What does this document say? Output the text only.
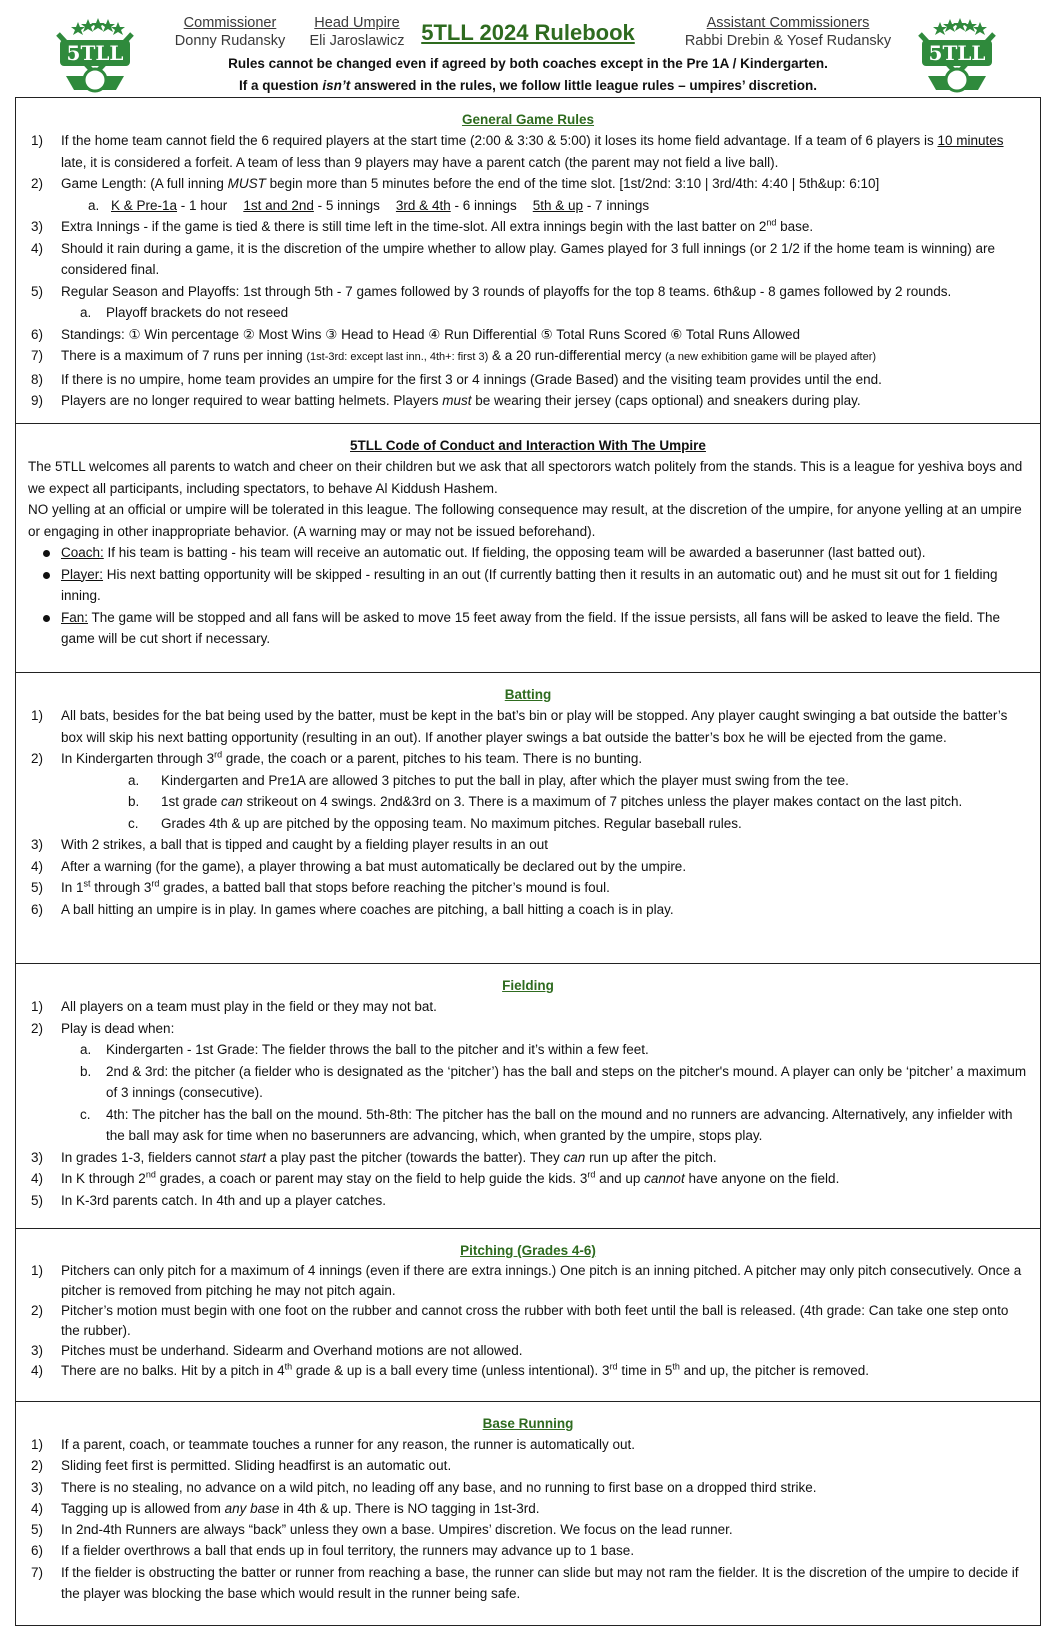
5TLL
Commissioner
Donny Rudansky
Head Umpire
Eli Jaroslawicz 5TLL 2024 Rulebook	Assistant Commissioners
Rabbi Drebin & Yosef Rudansky	5TLL
Rules cannot be changed even if agreed by both coaches except in the Pre 1A / Kindergarten.
If a question isn’t answered in the rules, we follow little league rules – umpires’ discretion.
General Game Rules
1) If the home team cannot field the 6 required players at the start time (2:00 & 3:30 & 5:00) it loses its home field advantage. If a team of 6 players is 10 minutes late, it is considered a forfeit. A team of less than 9 players may have a parent catch (the parent may not field a live ball).
2) Game Length: (A full inning MUST begin more than 5 minutes before the end of the time slot. [1st/2nd: 3:10 | 3rd/4th: 4:40 | 5th&up: 6:10]
a. K & Pre-1a - 1 hour 1st and 2nd - 5 innings 3rd & 4th - 6 innings 5th & up - 7 innings
3) Extra Innings - if the game is tied & there is still time left in the time-slot. All extra innings begin with the last batter on 2nd base.
4) Should it rain during a game, it is the discretion of the umpire whether to allow play. Games played for 3 full innings (or 2 1/2 if the home team is winning) are considered final.
5) Regular Season and Playoffs: 1st through 5th - 7 games followed by 3 rounds of playoffs for the top 8 teams. 6th&up - 8 games followed by 2 rounds.
a. Playoff brackets do not reseed
6) Standings: ① Win percentage ② Most Wins ③ Head to Head ④ Run Differential ⑤ Total Runs Scored ⑥ Total Runs Allowed
7) There is a maximum of 7 runs per inning (1st-3rd: except last inn., 4th+: first 3) & a 20 run-differential mercy (a new exhibition game will be played after)
8) If there is no umpire, home team provides an umpire for the first 3 or 4 innings (Grade Based) and the visiting team provides until the end.
9) Players are no longer required to wear batting helmets. Players must be wearing their jersey (caps optional) and sneakers during play.
5TLL Code of Conduct and Interaction With The Umpire
The 5TLL welcomes all parents to watch and cheer on their children but we ask that all spectorors watch politely from the stands. This is a league for yeshiva boys and we expect all participants, including spectators, to behave Al Kiddush Hashem.
NO yelling at an official or umpire will be tolerated in this league. The following consequence may result, at the discretion of the umpire, for anyone yelling at an umpire or engaging in other inappropriate behavior. (A warning may or may not be issued beforehand).
Coach: If his team is batting - his team will receive an automatic out. If fielding, the opposing team will be awarded a baserunner (last batted out).
Player: His next batting opportunity will be skipped - resulting in an out (If currently batting then it results in an automatic out) and he must sit out for 1 fielding inning.
Fan: The game will be stopped and all fans will be asked to move 15 feet away from the field. If the issue persists, all fans will be asked to leave the field. The game will be cut short if necessary.
Batting
1) All bats, besides for the bat being used by the batter, must be kept in the bat’s bin or play will be stopped. Any player caught swinging a bat outside the batter’s box will skip his next batting opportunity (resulting in an out). If another player swings a bat outside the batter’s box he will be ejected from the game.
2) In Kindergarten through 3rd grade, the coach or a parent, pitches to his team. There is no bunting.
a. Kindergarten and Pre1A are allowed 3 pitches to put the ball in play, after which the player must swing from the tee.
b. 1st grade can strikeout on 4 swings. 2nd&3rd on 3. There is a maximum of 7 pitches unless the player makes contact on the last pitch.
c. Grades 4th & up are pitched by the opposing team. No maximum pitches. Regular baseball rules.
3) With 2 strikes, a ball that is tipped and caught by a fielding player results in an out
4) After a warning (for the game), a player throwing a bat must automatically be declared out by the umpire.
5) In 1st through 3rd grades, a batted ball that stops before reaching the pitcher’s mound is foul.
6) A ball hitting an umpire is in play. In games where coaches are pitching, a ball hitting a coach is in play.
Fielding
1) All players on a team must play in the field or they may not bat.
2) Play is dead when:
a. Kindergarten - 1st Grade: The fielder throws the ball to the pitcher and it’s within a few feet.
b. 2nd & 3rd: the pitcher (a fielder who is designated as the ‘pitcher’) has the ball and steps on the pitcher's mound. A player can only be ‘pitcher’ a maximum of 3 innings (consecutive).
c. 4th: The pitcher has the ball on the mound. 5th-8th: The pitcher has the ball on the mound and no runners are advancing. Alternatively, any infielder with the ball may ask for time when no baserunners are advancing, which, when granted by the umpire, stops play.
3) In grades 1-3, fielders cannot start a play past the pitcher (towards the batter). They can run up after the pitch.
4) In K through 2nd grades, a coach or parent may stay on the field to help guide the kids. 3rd and up cannot have anyone on the field.
5) In K-3rd parents catch. In 4th and up a player catches.
Pitching (Grades 4-6)
1) Pitchers can only pitch for a maximum of 4 innings (even if there are extra innings.) One pitch is an inning pitched. A pitcher may only pitch consecutively. Once a pitcher is removed from pitching he may not pitch again.
2) Pitcher’s motion must begin with one foot on the rubber and cannot cross the rubber with both feet until the ball is released. (4th grade: Can take one step onto the rubber).
3) Pitches must be underhand. Sidearm and Overhand motions are not allowed.
4) There are no balks. Hit by a pitch in 4th grade & up is a ball every time (unless intentional). 3rd time in 5th and up, the pitcher is removed.
Base Running
1) If a parent, coach, or teammate touches a runner for any reason, the runner is automatically out.
2) Sliding feet first is permitted. Sliding headfirst is an automatic out.
3) There is no stealing, no advance on a wild pitch, no leading off any base, and no running to first base on a dropped third strike.
4) Tagging up is allowed from any base in 4th & up. There is NO tagging in 1st-3rd.
5) In 2nd-4th Runners are always “back” unless they own a base. Umpires’ discretion. We focus on the lead runner.
6) If a fielder overthrows a ball that ends up in foul territory, the runners may advance up to 1 base.
7) If the fielder is obstructing the batter or runner from reaching a base, the runner can slide but may not ram the fielder. It is the discretion of the umpire to decide if the player was blocking the base which would result in the runner being safe.
